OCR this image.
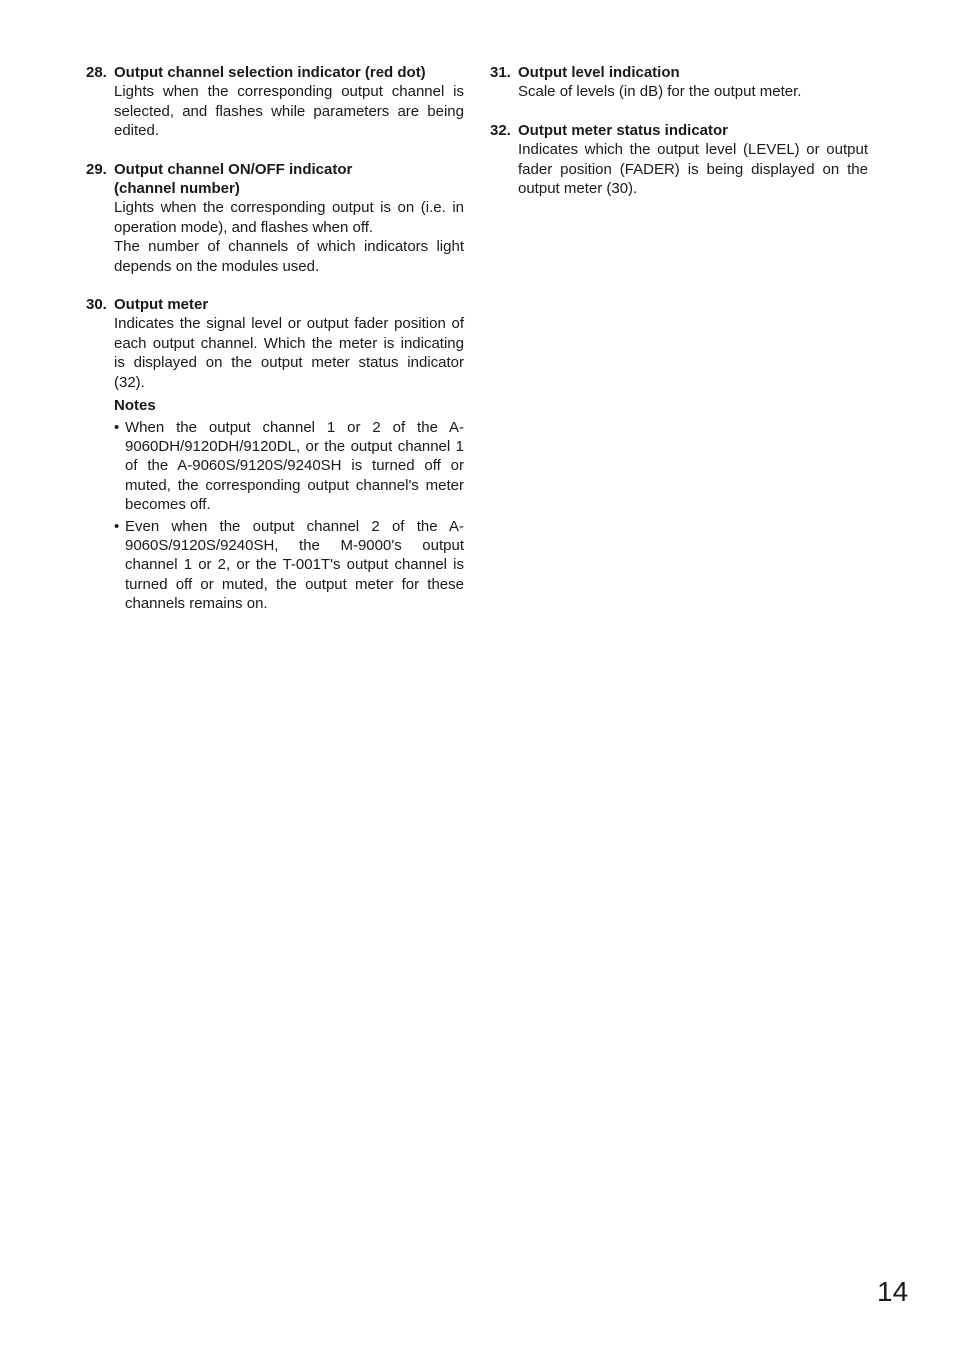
28. Output channel selection indicator (red dot)

Lights when the corresponding output channel is selected, and flashes while parameters are being edited.

29. Output channel ON/OFF indicator
(channel number)

Lights when the corresponding output is on (i.e. in operation mode), and flashes when off.

The number of channels of which indicators light depends on the modules used.

30. Output meter

Indicates the signal level or output fader position of each output channel. Which the meter is indicating is displayed on the output meter status indicator (32).

Notes
• When the output channel 1 or 2 of the A-9060DH/9120DH/9120DL, or the output channel 1 of the A-9060S/9120S/9240SH is turned off or muted, the corresponding output channel's meter becomes off.
• Even when the output channel 2 of the A-9060S/9120S/9240SH, the M-9000's output channel 1 or 2, or the T-001T's output channel is turned off or muted, the output meter for these channels remains on.
31. Output level indication

Scale of levels (in dB) for the output meter.

32. Output meter status indicator

Indicates which the output level (LEVEL) or output fader position (FADER) is being displayed on the output meter (30).

14
